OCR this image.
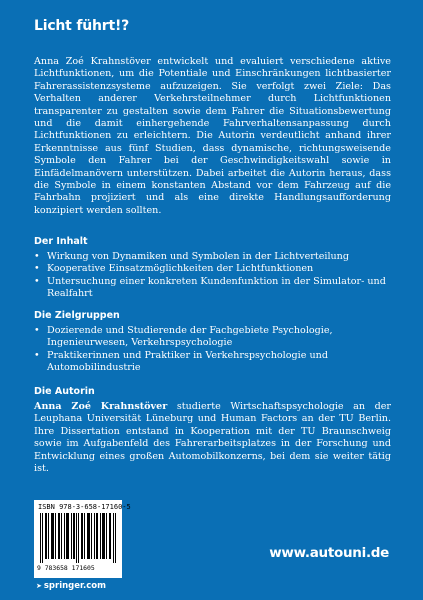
Licht führt!?

Anna Zoé Krahnstöver entwickelt und evaluiert verschiedene aktive Lichtfunktionen, um die Potentiale und Einschränkungen lichtbasierter Fahrerassistenzsysteme aufzuzeigen. Sie verfolgt zwei Ziele: Das Verhalten anderer Verkehrsteilnehmer durch Lichtfunktionen transparenter zu gestalten sowie dem Fahrer die Situationsbewertung und die damit einhergehende Fahrverhaltensanpassung durch Lichtfunktionen zu erleichtern. Die Autorin verdeutlicht anhand ihrer Erkenntnisse aus fünf Studien, dass dynamische, richtungsweisende Symbole den Fahrer bei der Geschwindigkeitswahl sowie in Einfädelmanövern unterstützen. Dabei arbeitet die Autorin heraus, dass die Symbole in einem konstanten Abstand vor dem Fahrzeug auf die Fahrbahn projiziert und als eine direkte Handlungsaufforderung konzipiert werden sollten.

Der Inhalt
• Wirkung von Dynamiken und Symbolen in der Lichtverteilung
• Kooperative Einsatzmöglichkeiten der Lichtfunktionen
• Untersuchung einer konkreten Kundenfunktion in der Simulator- und Realfahrt
Die Zielgruppen
• Dozierende und Studierende der Fachgebiete Psychologie, Ingenieurwesen, Verkehrspsychologie
• Praktikerinnen und Praktiker in Verkehrspsychologie und Automobilindustrie
Die Autorin

Anna Zoé Krahnstöver studierte Wirtschaftspsychologie an der Leuphana Universität Lüneburg und Human Factors an der TU Berlin. Ihre Dissertation entstand in Kooperation mit der TU Braunschweig sowie im Aufgabenfeld des Fahrerarbeitsplatzes in der Forschung und Entwicklung eines großen Automobilkonzerns, bei dem sie weiter tätig ist.

ISBN 978-3-658-17160-5
9 783658 171605
➤ springer.com
www.autouni.de
